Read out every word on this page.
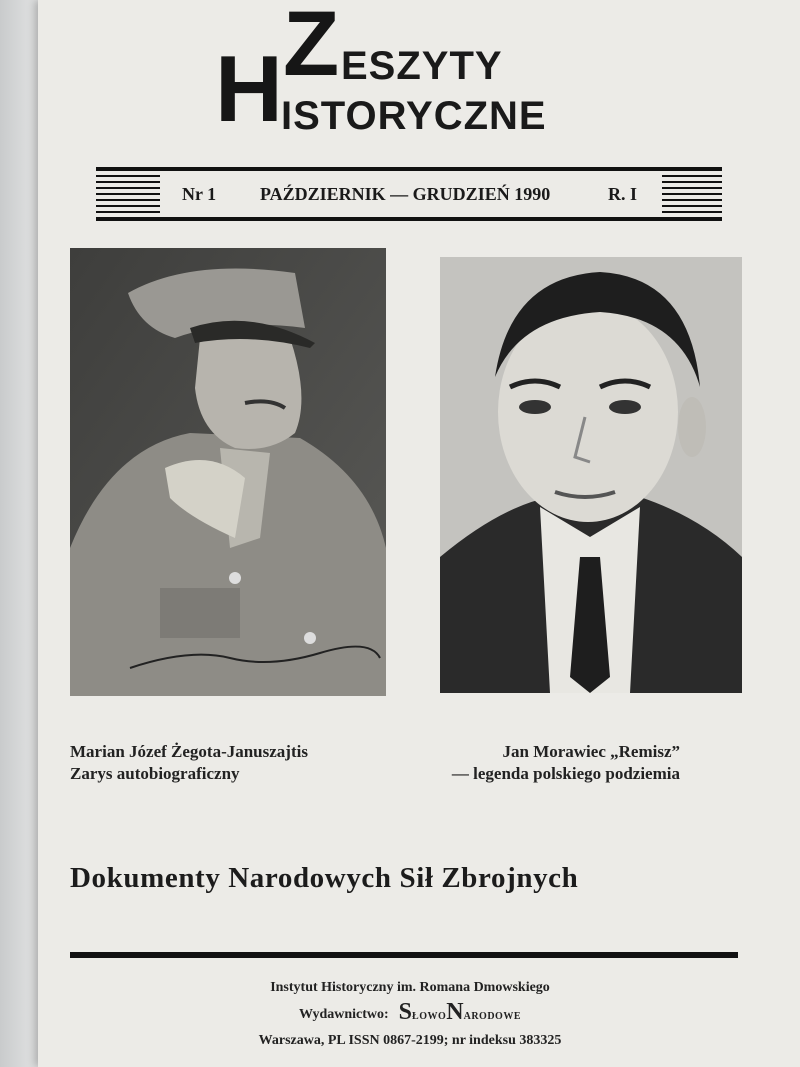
Z ESZYTY
H
ISTORYCZNE
Nr 1 PAŹDZIERNIK — GRUDZIEŃ 1990	R. I
Marian Józef Żegota-Januszajtis
Zarys autobiograficzny
Jan Morawiec „Remisz”
— legenda polskiego podziemia
Dokumenty Narodowych Sił Zbrojnych
Instytut Historyczny im. Romana Dmowskiego
Wydawnictwo: S ŁOWO N ARODOWE
Warszawa, PL ISSN 0867-2199; nr indeksu 383325
